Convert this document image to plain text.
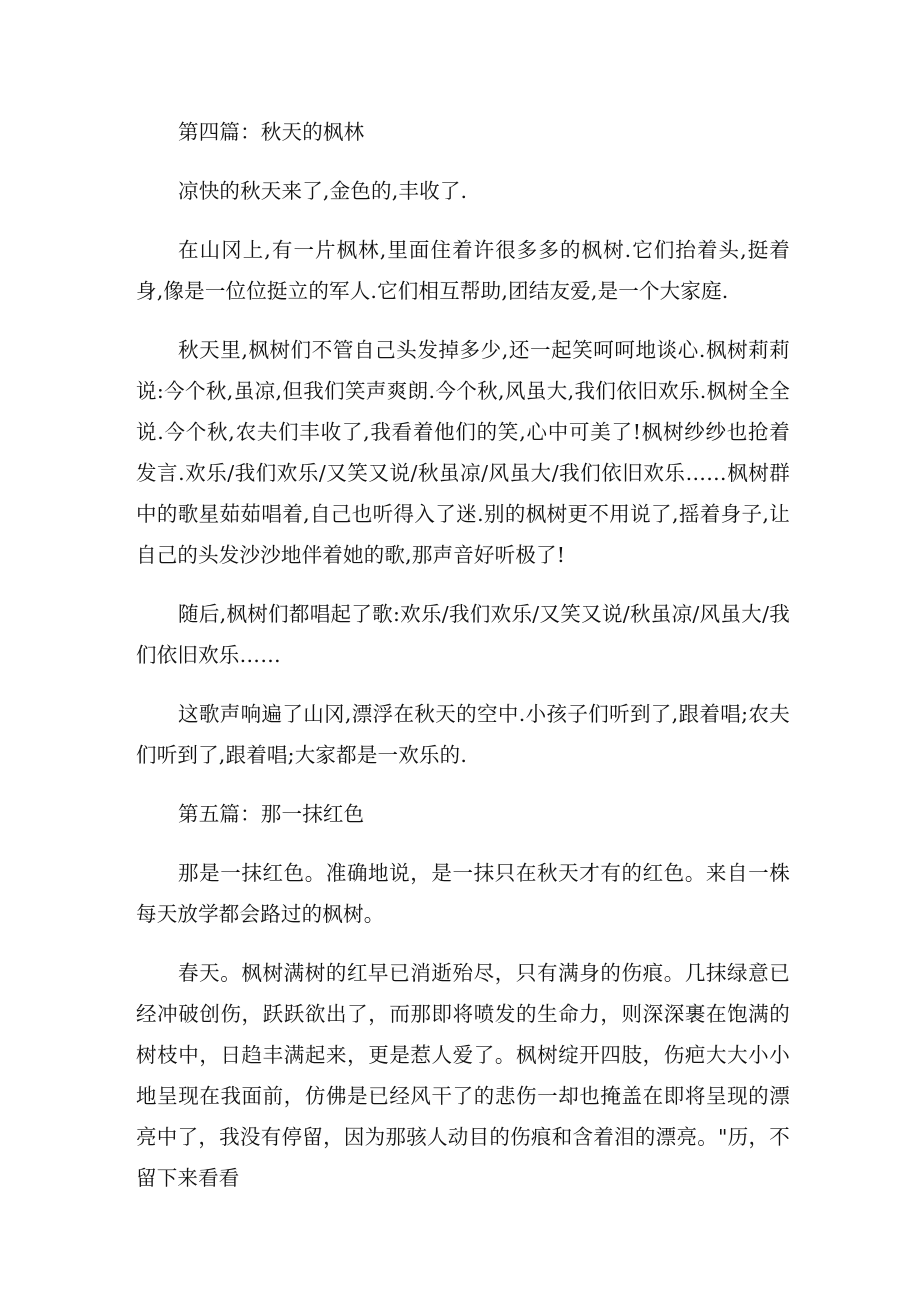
第四篇：秋天的枫林

凉快的秋天来了,金色的,丰收了.

在山冈上,有一片枫林,里面住着许很多多的枫树.它们抬着头,挺着身,像是一位位挺立的军人.它们相互帮助,团结友爱,是一个大家庭.

秋天里,枫树们不管自己头发掉多少,还一起笑呵呵地谈心.枫树莉莉说:今个秋,虽凉,但我们笑声爽朗.今个秋,风虽大,我们依旧欢乐.枫树全全说.今个秋,农夫们丰收了,我看着他们的笑,心中可美了!枫树纱纱也抢着发言.欢乐/我们欢乐/又笑又说/秋虽凉/风虽大/我们依旧欢乐……枫树群中的歌星茹茹唱着,自己也听得入了迷.别的枫树更不用说了,摇着身子,让自己的头发沙沙地伴着她的歌,那声音好听极了!

随后,枫树们都唱起了歌:欢乐/我们欢乐/又笑又说/秋虽凉/风虽大/我们依旧欢乐……

这歌声响遍了山冈,漂浮在秋天的空中.小孩子们听到了,跟着唱;农夫们听到了,跟着唱;大家都是一欢乐的.

第五篇：那一抹红色

那是一抹红色。准确地说，是一抹只在秋天才有的红色。来自一株每天放学都会路过的枫树。

春天。枫树满树的红早已消逝殆尽，只有满身的伤痕。几抹绿意已经冲破创伤，跃跃欲出了，而那即将喷发的生命力，则深深裹在饱满的树枝中，日趋丰满起来，更是惹人爱了。枫树绽开四肢，伤疤大大小小地呈现在我面前，仿佛是已经风干了的悲伤一却也掩盖在即将呈现的漂亮中了，我没有停留，因为那骇人动目的伤痕和含着泪的漂亮。"历，不留下来看看
